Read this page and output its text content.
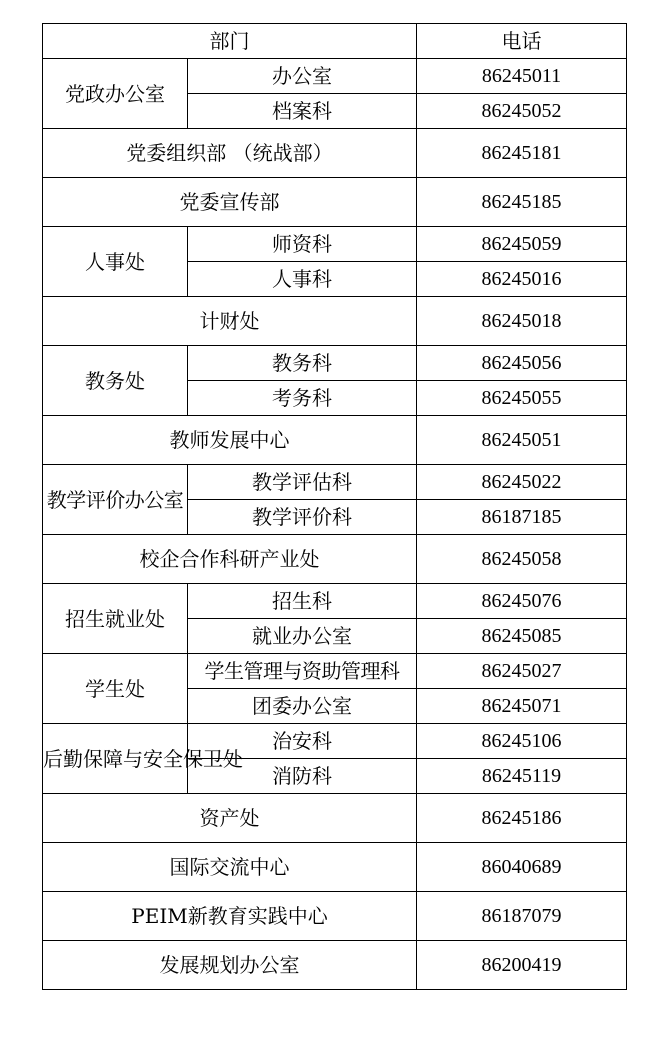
部门		电话
党政办公室	办公室	86245011
	档案科	86245052
党委组织部 （统战部）		86245181
党委宣传部		86245185
人事处	师资科	86245059
	人事科	86245016
计财处		86245018
教务处	教务科	86245056
	考务科	86245055
教师发展中心		86245051
教学评价办公室	教学评估科	86245022
	教学评价科	86187185
校企合作科研产业处		86245058
招生就业处	招生科	86245076
	就业办公室	86245085
学生处	学生管理与资助管理科	86245027
	团委办公室	86245071
后勤保障与安全保卫处	治安科	86245106
	消防科	86245119
资产处		86245186
国际交流中心		86040689
PEIM新教育实践中心		86187079
发展规划办公室		86200419
